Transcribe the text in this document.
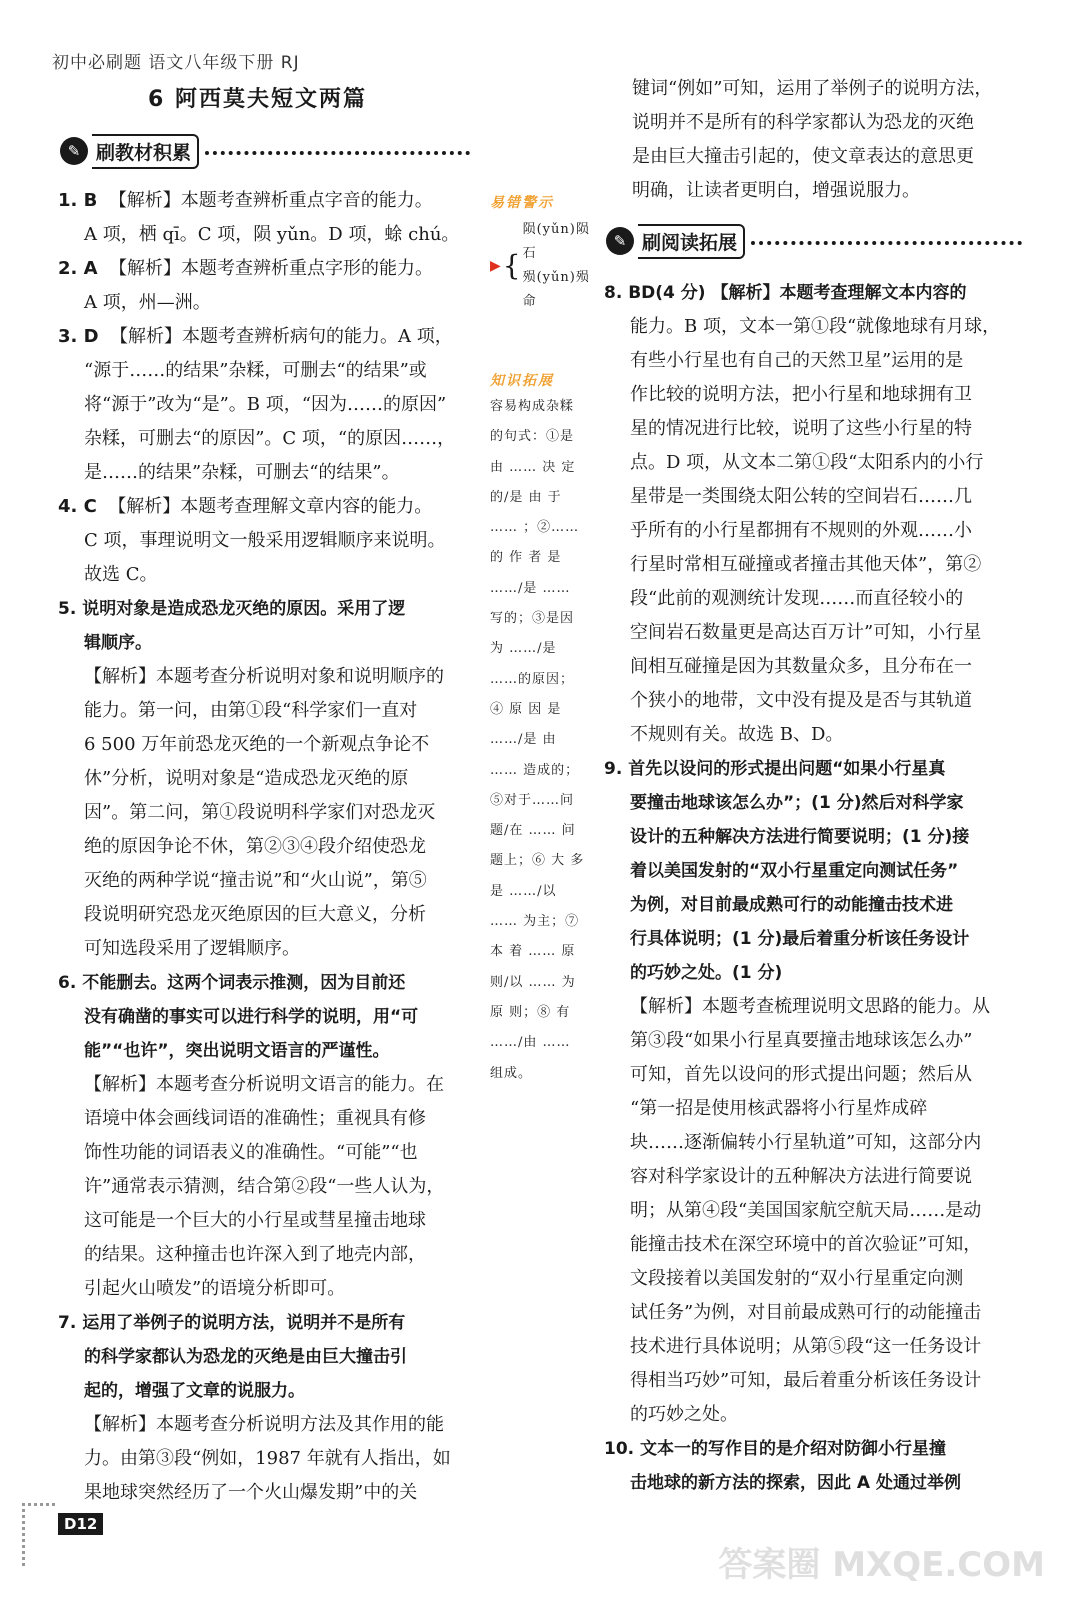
初中必刷题 语文八年级下册 RJ
6 阿西莫夫短文两篇
✎ 刷教材积累

1. B 【解析】本题考查辨析重点字音的能力。

A 项，栖 qī。C 项，陨 yǔn。D 项，蜍 chú。

2. A 【解析】本题考查辨析重点字形的能力。

A 项，州—洲。

3. D 【解析】本题考查辨析病句的能力。A 项，

“源于……的结果”杂糅，可删去“的结果”或

将“源于”改为“是”。B 项，“因为……的原因”

杂糅，可删去“的原因”。C 项，“的原因……，

是……的结果”杂糅，可删去“的结果”。

4. C 【解析】本题考查理解文章内容的能力。

C 项，事理说明文一般采用逻辑顺序来说明。

故选 C。

5. 说明对象是造成恐龙灭绝的原因。采用了逻

辑顺序。

【解析】本题考查分析说明对象和说明顺序的

能力。第一问，由第①段“科学家们一直对

6 500 万年前恐龙灭绝的一个新观点争论不

休”分析，说明对象是“造成恐龙灭绝的原

因”。第二问，第①段说明科学家们对恐龙灭

绝的原因争论不休，第②③④段介绍使恐龙

灭绝的两种学说“撞击说”和“火山说”，第⑤

段说明研究恐龙灭绝原因的巨大意义，分析

可知选段采用了逻辑顺序。

6. 不能删去。这两个词表示推测，因为目前还

没有确凿的事实可以进行科学的说明，用“可

能”“也许”，突出说明文语言的严谨性。

【解析】本题考查分析说明文语言的能力。在

语境中体会画线词语的准确性；重视具有修

饰性功能的词语表义的准确性。“可能”“也

许”通常表示猜测，结合第②段“一些人认为，

这可能是一个巨大的小行星或彗星撞击地球

的结果。这种撞击也许深入到了地壳内部，

引起火山喷发”的语境分析即可。

7. 运用了举例子的说明方法，说明并不是所有

的科学家都认为恐龙的灭绝是由巨大撞击引

起的，增强了文章的说服力。

【解析】本题考查分析说明方法及其作用的能

力。由第③段“例如，1987 年就有人指出，如

果地球突然经历了一个火山爆发期”中的关

易错警示
▶ {
陨(yǔn)陨石
殒(yǔn)殒命
知识拓展
容易构成杂糅
的句式：①是
由 …… 决 定
的/是 由 于
…… ；②……
的 作 者 是
……/是 ……
写的；③是因
为 ……/是
……的原因；
④ 原 因 是
……/是 由
…… 造成的；
⑤对于……问
题/在 …… 问
题上；⑥ 大 多
是 ……/以
…… 为主；⑦
本 着 …… 原
则/以 …… 为
原 则；⑧ 有
……/由 ……
组成。

键词“例如”可知，运用了举例子的说明方法，

说明并不是所有的科学家都认为恐龙的灭绝

是由巨大撞击引起的，使文章表达的意思更

明确，让读者更明白，增强说服力。

✎ 刷阅读拓展

8. BD(4 分) 【解析】本题考查理解文本内容的

能力。B 项，文本一第①段“就像地球有月球，

有些小行星也有自己的天然卫星”运用的是

作比较的说明方法，把小行星和地球拥有卫

星的情况进行比较，说明了这些小行星的特

点。D 项，从文本二第①段“太阳系内的小行

星带是一类围绕太阳公转的空间岩石……几

乎所有的小行星都拥有不规则的外观……小

行星时常相互碰撞或者撞击其他天体”，第②

段“此前的观测统计发现……而直径较小的

空间岩石数量更是高达百万计”可知，小行星

间相互碰撞是因为其数量众多，且分布在一

个狭小的地带，文中没有提及是否与其轨道

不规则有关。故选 B、D。

9. 首先以设问的形式提出问题“如果小行星真

要撞击地球该怎么办”；(1 分)然后对科学家

设计的五种解决方法进行简要说明；(1 分)接

着以美国发射的“双小行星重定向测试任务”

为例，对目前最成熟可行的动能撞击技术进

行具体说明；(1 分)最后着重分析该任务设计

的巧妙之处。(1 分)

【解析】本题考查梳理说明文思路的能力。从

第③段“如果小行星真要撞击地球该怎么办”

可知，首先以设问的形式提出问题；然后从

“第一招是使用核武器将小行星炸成碎

块……逐渐偏转小行星轨道”可知，这部分内

容对科学家设计的五种解决方法进行简要说

明；从第④段“美国国家航空航天局……是动

能撞击技术在深空环境中的首次验证”可知，

文段接着以美国发射的“双小行星重定向测

试任务”为例，对目前最成熟可行的动能撞击

技术进行具体说明；从第⑤段“这一任务设计

得相当巧妙”可知，最后着重分析该任务设计

的巧妙之处。

10. 文本一的写作目的是介绍对防御小行星撞

击地球的新方法的探索，因此 A 处通过举例

D12
答案圈 MXQE.COM
